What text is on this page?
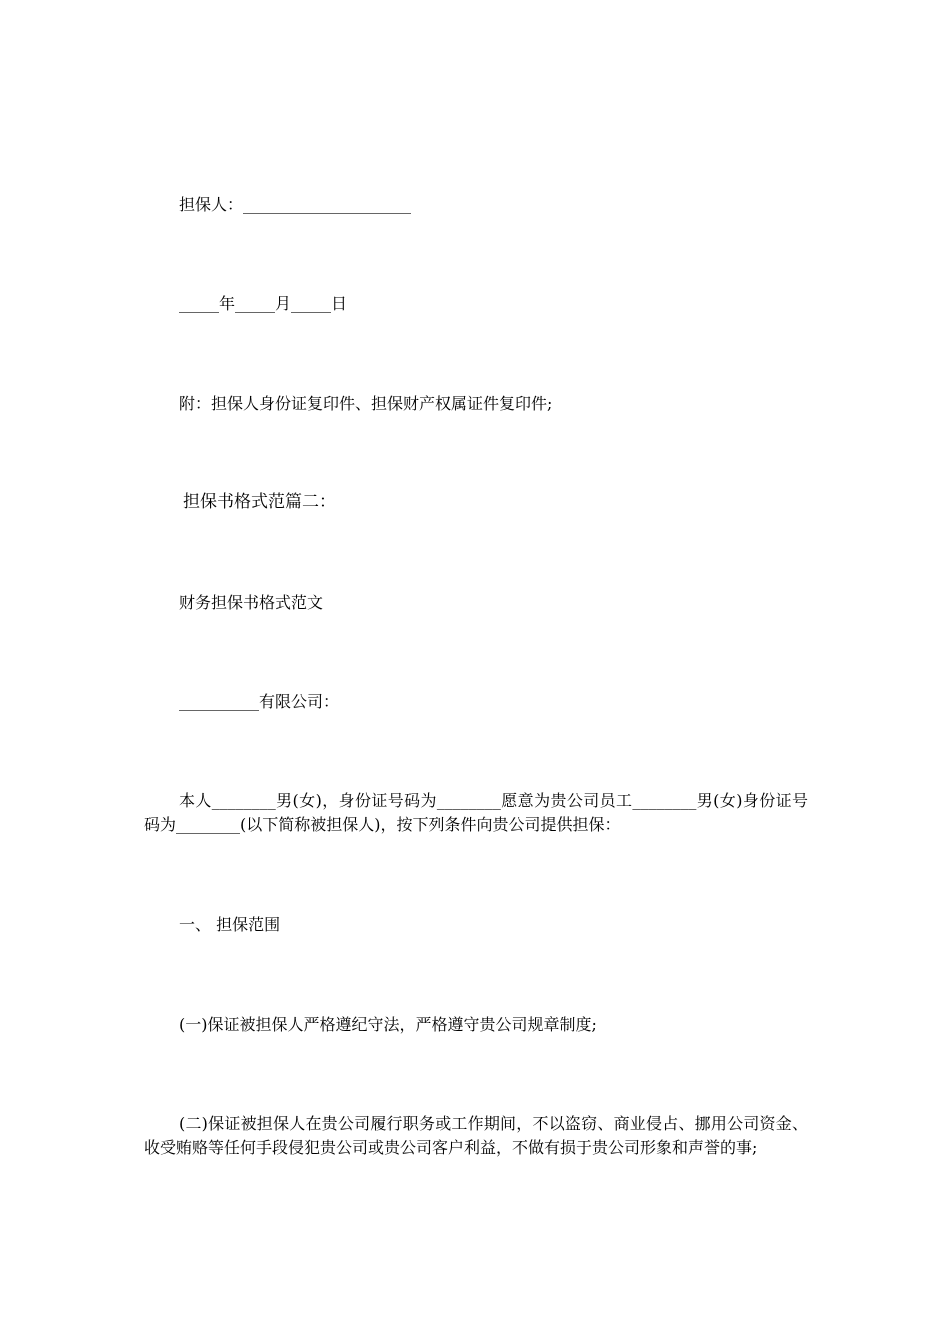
担保人：_____________________
_____年_____月_____日
附：担保人身份证复印件、担保财产权属证件复印件;
担保书格式范篇二：
财务担保书格式范文
__________有限公司：
本人________男(女)，身份证号码为________愿意为贵公司员工________男(女)身份证号码为________(以下简称被担保人)，按下列条件向贵公司提供担保：
一、 担保范围
(一)保证被担保人严格遵纪守法，严格遵守贵公司规章制度;
(二)保证被担保人在贵公司履行职务或工作期间，不以盗窃、商业侵占、挪用公司资金、收受贿赂等任何手段侵犯贵公司或贵公司客户利益，不做有损于贵公司形象和声誉的事;
